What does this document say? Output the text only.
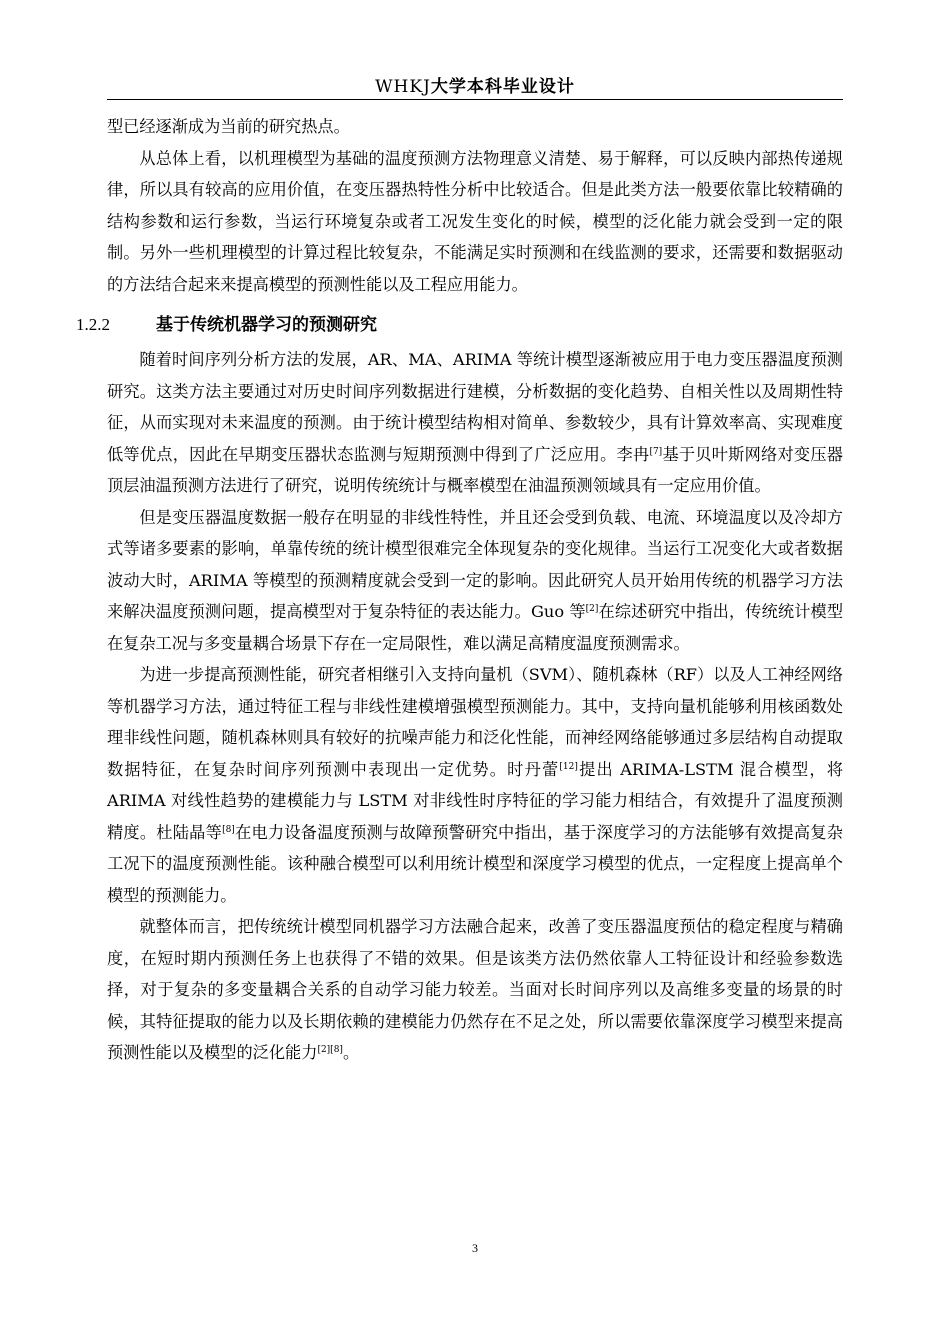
WHKJ大学本科毕业设计

型已经逐渐成为当前的研究热点。

从总体上看，以机理模型为基础的温度预测方法物理意义清楚、易于解释，可以反映内部热传递规律，所以具有较高的应用价值，在变压器热特性分析中比较适合。但是此类方法一般要依靠比较精确的结构参数和运行参数，当运行环境复杂或者工况发生变化的时候，模型的泛化能力就会受到一定的限制。另外一些机理模型的计算过程比较复杂，不能满足实时预测和在线监测的要求，还需要和数据驱动的方法结合起来来提高模型的预测性能以及工程应用能力。

1.2.2	基于传统机器学习的预测研究

随着时间序列分析方法的发展，AR、MA、ARIMA 等统计模型逐渐被应用于电力变压器温度预测研究。这类方法主要通过对历史时间序列数据进行建模，分析数据的变化趋势、自相关性以及周期性特征，从而实现对未来温度的预测。由于统计模型结构相对简单、参数较少，具有计算效率高、实现难度低等优点，因此在早期变压器状态监测与短期预测中得到了广泛应用。李冉[7]基于贝叶斯网络对变压器顶层油温预测方法进行了研究，说明传统统计与概率模型在油温预测领域具有一定应用价值。

但是变压器温度数据一般存在明显的非线性特性，并且还会受到负载、电流、环境温度以及冷却方式等诸多要素的影响，单靠传统的统计模型很难完全体现复杂的变化规律。当运行工况变化大或者数据波动大时，ARIMA 等模型的预测精度就会受到一定的影响。因此研究人员开始用传统的机器学习方法来解决温度预测问题，提高模型对于复杂特征的表达能力。Guo 等[2]在综述研究中指出，传统统计模型在复杂工况与多变量耦合场景下存在一定局限性，难以满足高精度温度预测需求。

为进一步提高预测性能，研究者相继引入支持向量机（SVM）、随机森林（RF）以及人工神经网络等机器学习方法，通过特征工程与非线性建模增强模型预测能力。其中，支持向量机能够利用核函数处理非线性问题，随机森林则具有较好的抗噪声能力和泛化性能，而神经网络能够通过多层结构自动提取数据特征，在复杂时间序列预测中表现出一定优势。时丹蕾[12]提出 ARIMA-LSTM 混合模型，将 ARIMA 对线性趋势的建模能力与 LSTM 对非线性时序特征的学习能力相结合，有效提升了温度预测精度。杜陆晶等[8]在电力设备温度预测与故障预警研究中指出，基于深度学习的方法能够有效提高复杂工况下的温度预测性能。该种融合模型可以利用统计模型和深度学习模型的优点，一定程度上提高单个模型的预测能力。

就整体而言，把传统统计模型同机器学习方法融合起来，改善了变压器温度预估的稳定程度与精确度，在短时期内预测任务上也获得了不错的效果。但是该类方法仍然依靠人工特征设计和经验参数选择，对于复杂的多变量耦合关系的自动学习能力较差。当面对长时间序列以及高维多变量的场景的时候，其特征提取的能力以及长期依赖的建模能力仍然存在不足之处，所以需要依靠深度学习模型来提高预测性能以及模型的泛化能力[2][8]。

3
